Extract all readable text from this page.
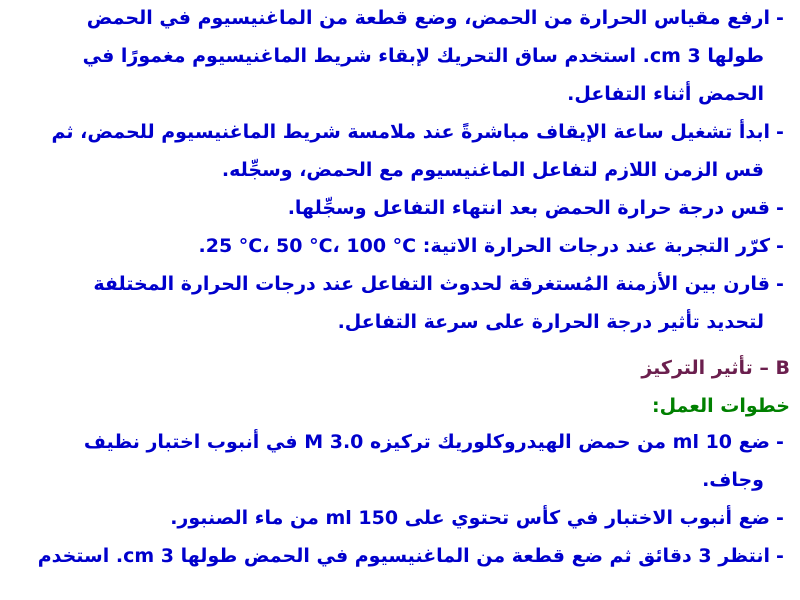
-ارفع مقياس الحرارة من الحمض، وضع قطعة من الماغنيسيوم في الحمض
طولها 3 cm. استخدم ساق التحريك لإبقاء شريط الماغنيسيوم مغمورًا في
الحمض أثناء التفاعل.
-ابدأ تشغيل ساعة الإيقاف مباشرةً عند ملامسة شريط الماغنيسيوم للحمض، ثم
قس الزمن اللازم لتفاعل الماغنيسيوم مع الحمض، وسجِّله.
-قس درجة حرارة الحمض بعد انتهاء التفاعل وسجِّلها.
-كرّر التجربة عند درجات الحرارة الاتية: ‎25 °C، 50 °C، 100 °C‏.
-قارن بين الأزمنة المُستغرقة لحدوث التفاعل عند درجات الحرارة المختلفة
لتحديد تأثير درجة الحرارة على سرعة التفاعل.
B – تأثير التركيز
خطوات العمل:
-ضع 10 ml من حمض الهيدروكلوريك تركيزه 3.0 M في أنبوب اختبار نظيف
وجاف.
-ضع أنبوب الاختبار في كأس تحتوي على 150 ml من ماء الصنبور.
-انتظر 3 دقائق ثم ضع قطعة من الماغنيسيوم في الحمض طولها 3 cm. استخدم
